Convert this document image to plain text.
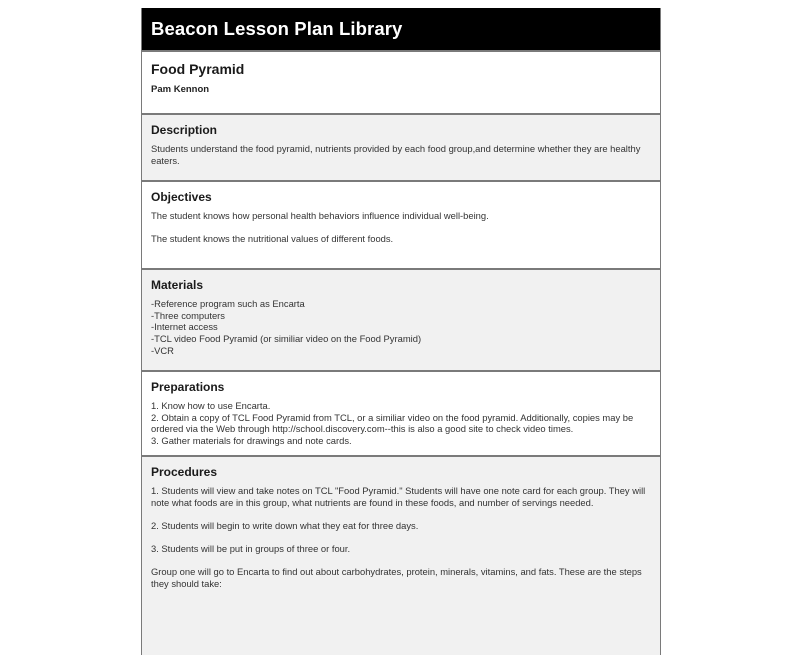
Beacon Lesson Plan Library
Food Pyramid
Pam Kennon
Description
Students understand the food pyramid, nutrients provided by each food group,and determine whether they are healthy eaters.
Objectives
The student knows how personal health behaviors influence individual well-being.
The student knows the nutritional values of different foods.
Materials
-Reference program such as Encarta
-Three computers
-Internet access
-TCL video Food Pyramid (or similiar video on the Food Pyramid)
-VCR
Preparations
1. Know how to use Encarta.
2. Obtain a copy of TCL Food Pyramid from TCL, or a similiar video on the food pyramid. Additionally, copies may be ordered via the Web through http://school.discovery.com--this is also a good site to check video times.
3. Gather materials for drawings and note cards.
Procedures
1. Students will view and take notes on TCL "Food Pyramid." Students will have one note card for each group. They will note what foods are in this group, what nutrients are found in these foods, and number of servings needed.
2. Students will begin to write down what they eat for three days.
3. Students will be put in groups of three or four.
Group one will go to Encarta to find out about carbohydrates, protein, minerals, vitamins, and fats. These are the steps they should take:
